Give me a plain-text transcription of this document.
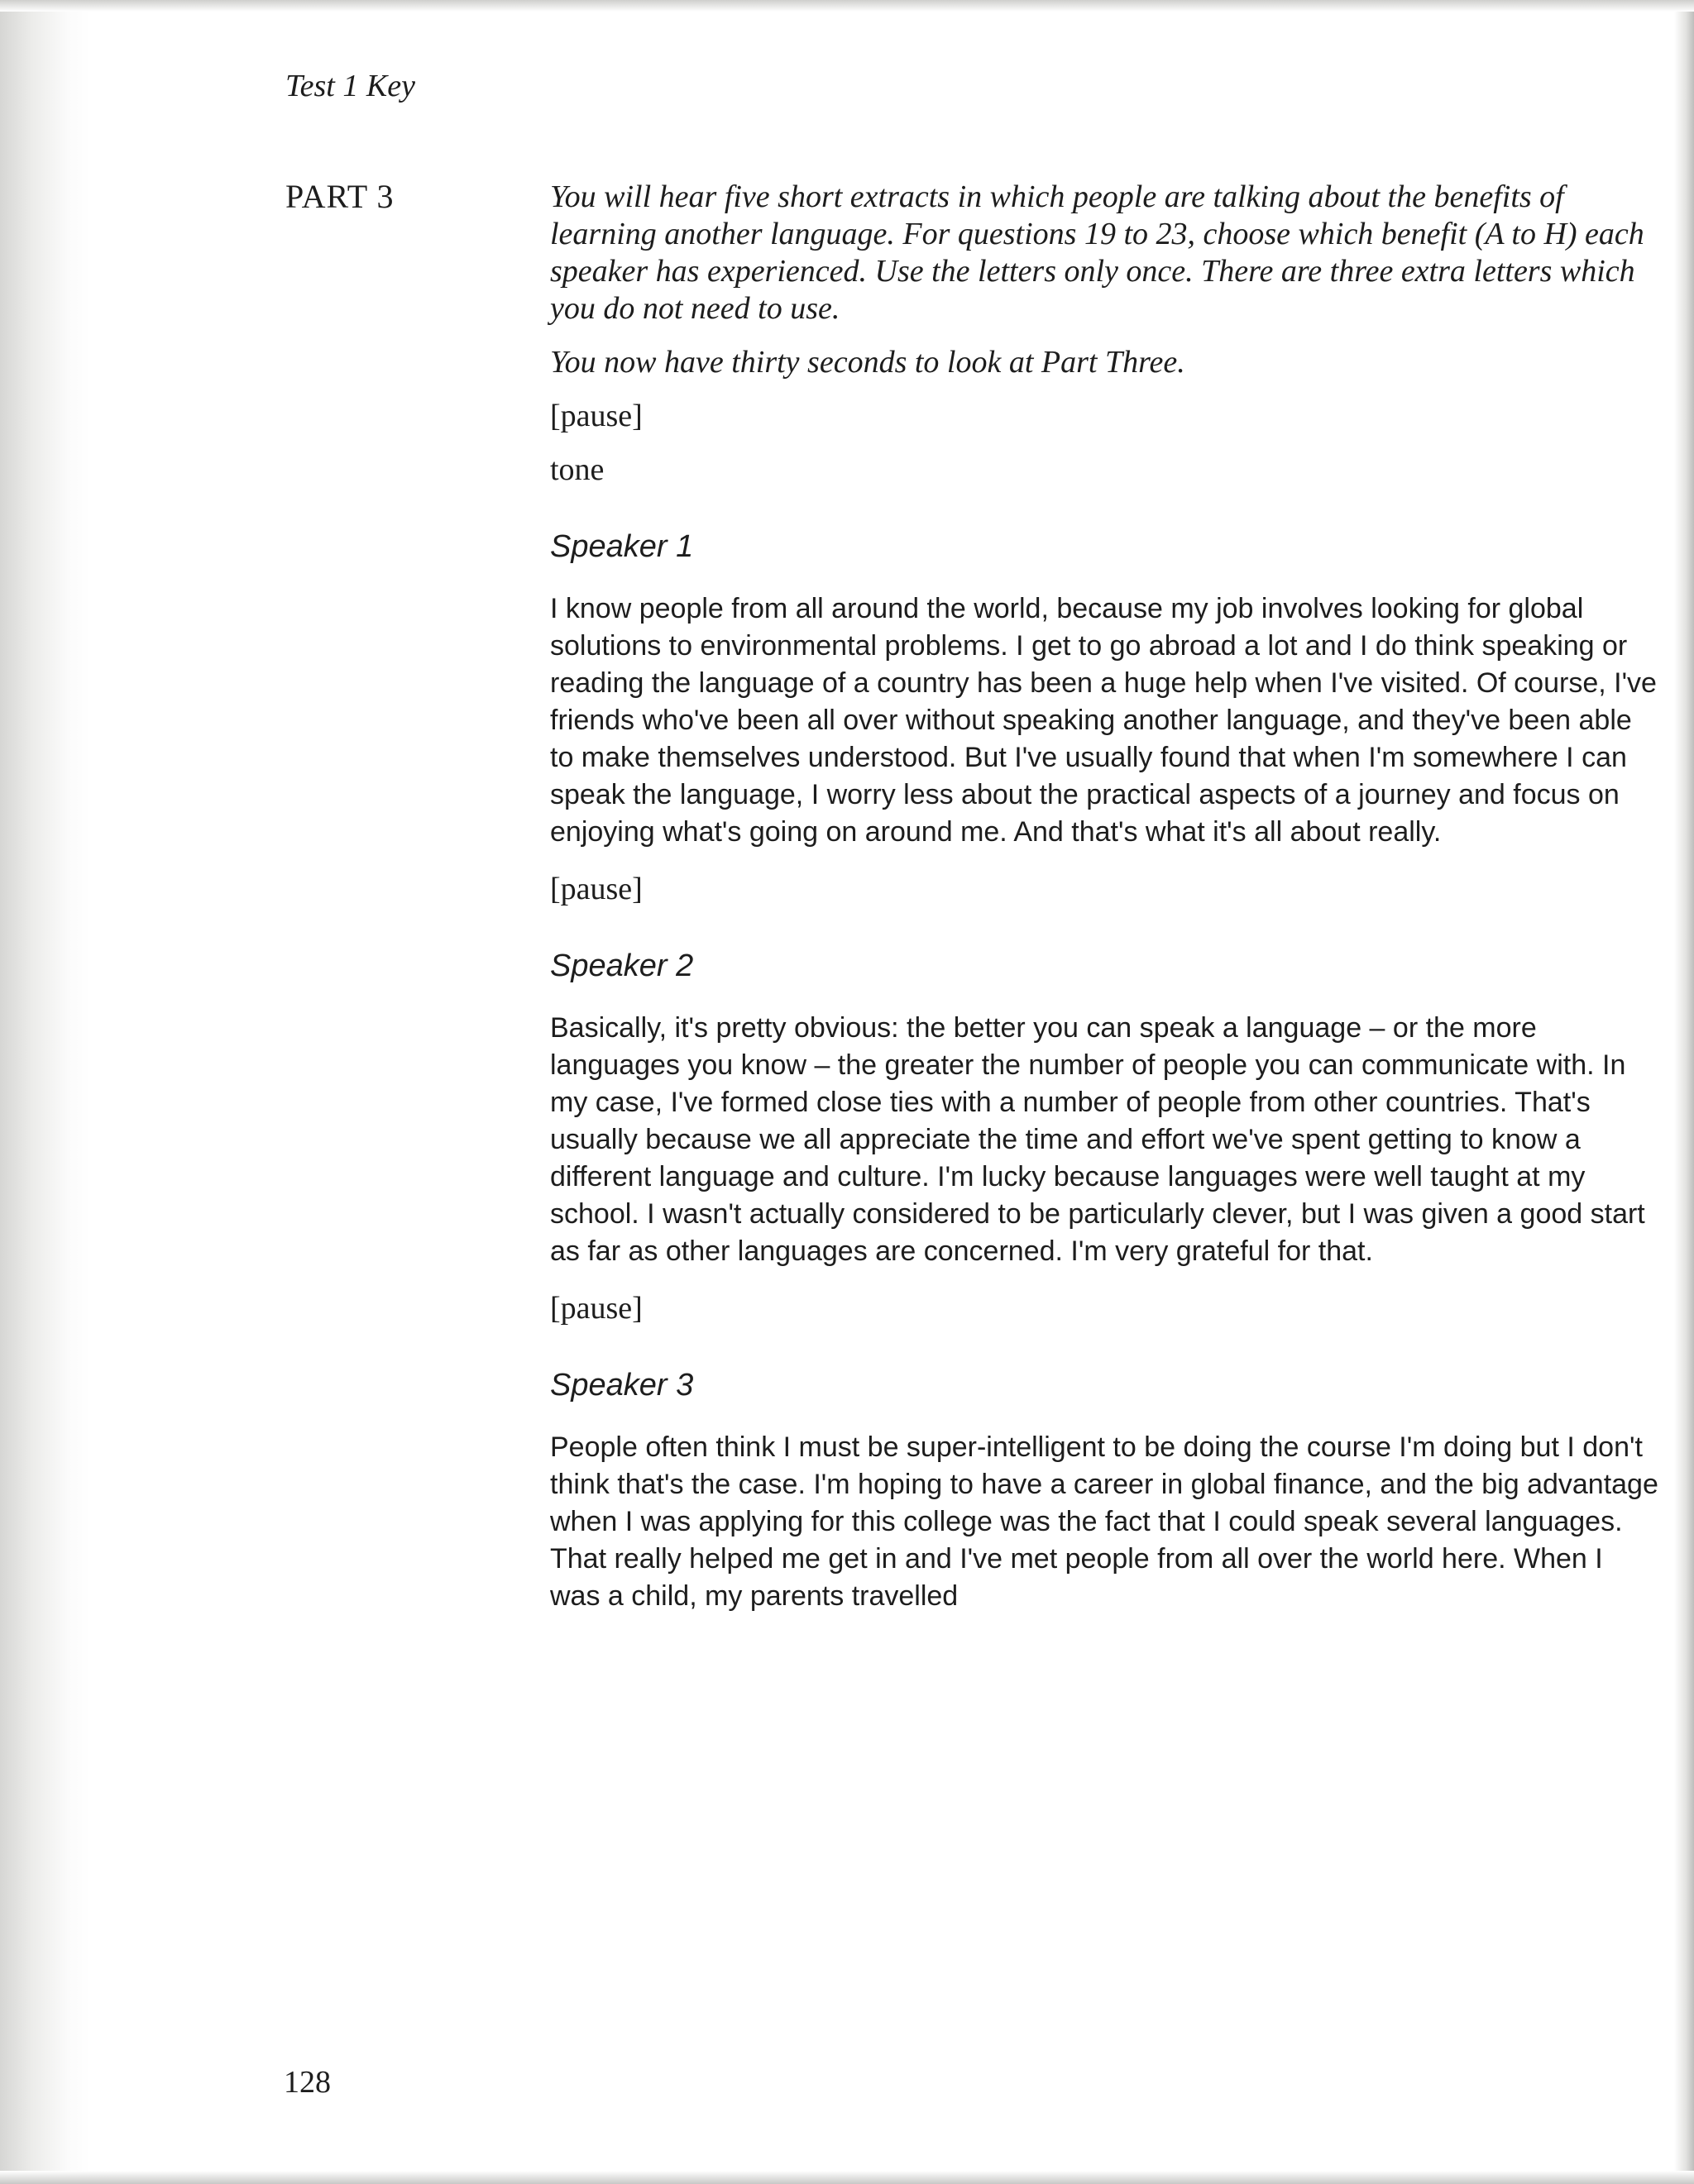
Test 1 Key
PART 3	You will hear five short extracts in which people are talking about the benefits of learning another language. For questions 19 to 23, choose which benefit (A to H) each speaker has experienced. Use the letters only once. There are three extra letters which you do not need to use.

You now have thirty seconds to look at Part Three.

[pause]

tone

Speaker 1

I know people from all around the world, because my job involves looking for global solutions to environmental problems. I get to go abroad a lot and I do think speaking or reading the language of a country has been a huge help when I've visited. Of course, I've friends who've been all over without speaking another language, and they've been able to make themselves understood. But I've usually found that when I'm somewhere I can speak the language, I worry less about the practical aspects of a journey and focus on enjoying what's going on around me. And that's what it's all about really.

[pause]

Speaker 2

Basically, it's pretty obvious: the better you can speak a language – or the more languages you know – the greater the number of people you can communicate with. In my case, I've formed close ties with a number of people from other countries. That's usually because we all appreciate the time and effort we've spent getting to know a different language and culture. I'm lucky because languages were well taught at my school. I wasn't actually considered to be particularly clever, but I was given a good start as far as other languages are concerned. I'm very grateful for that.

[pause]

Speaker 3

People often think I must be super-intelligent to be doing the course I'm doing but I don't think that's the case. I'm hoping to have a career in global finance, and the big advantage when I was applying for this college was the fact that I could speak several languages. That really helped me get in and I've met people from all over the world here. When I was a child, my parents travelled

128
